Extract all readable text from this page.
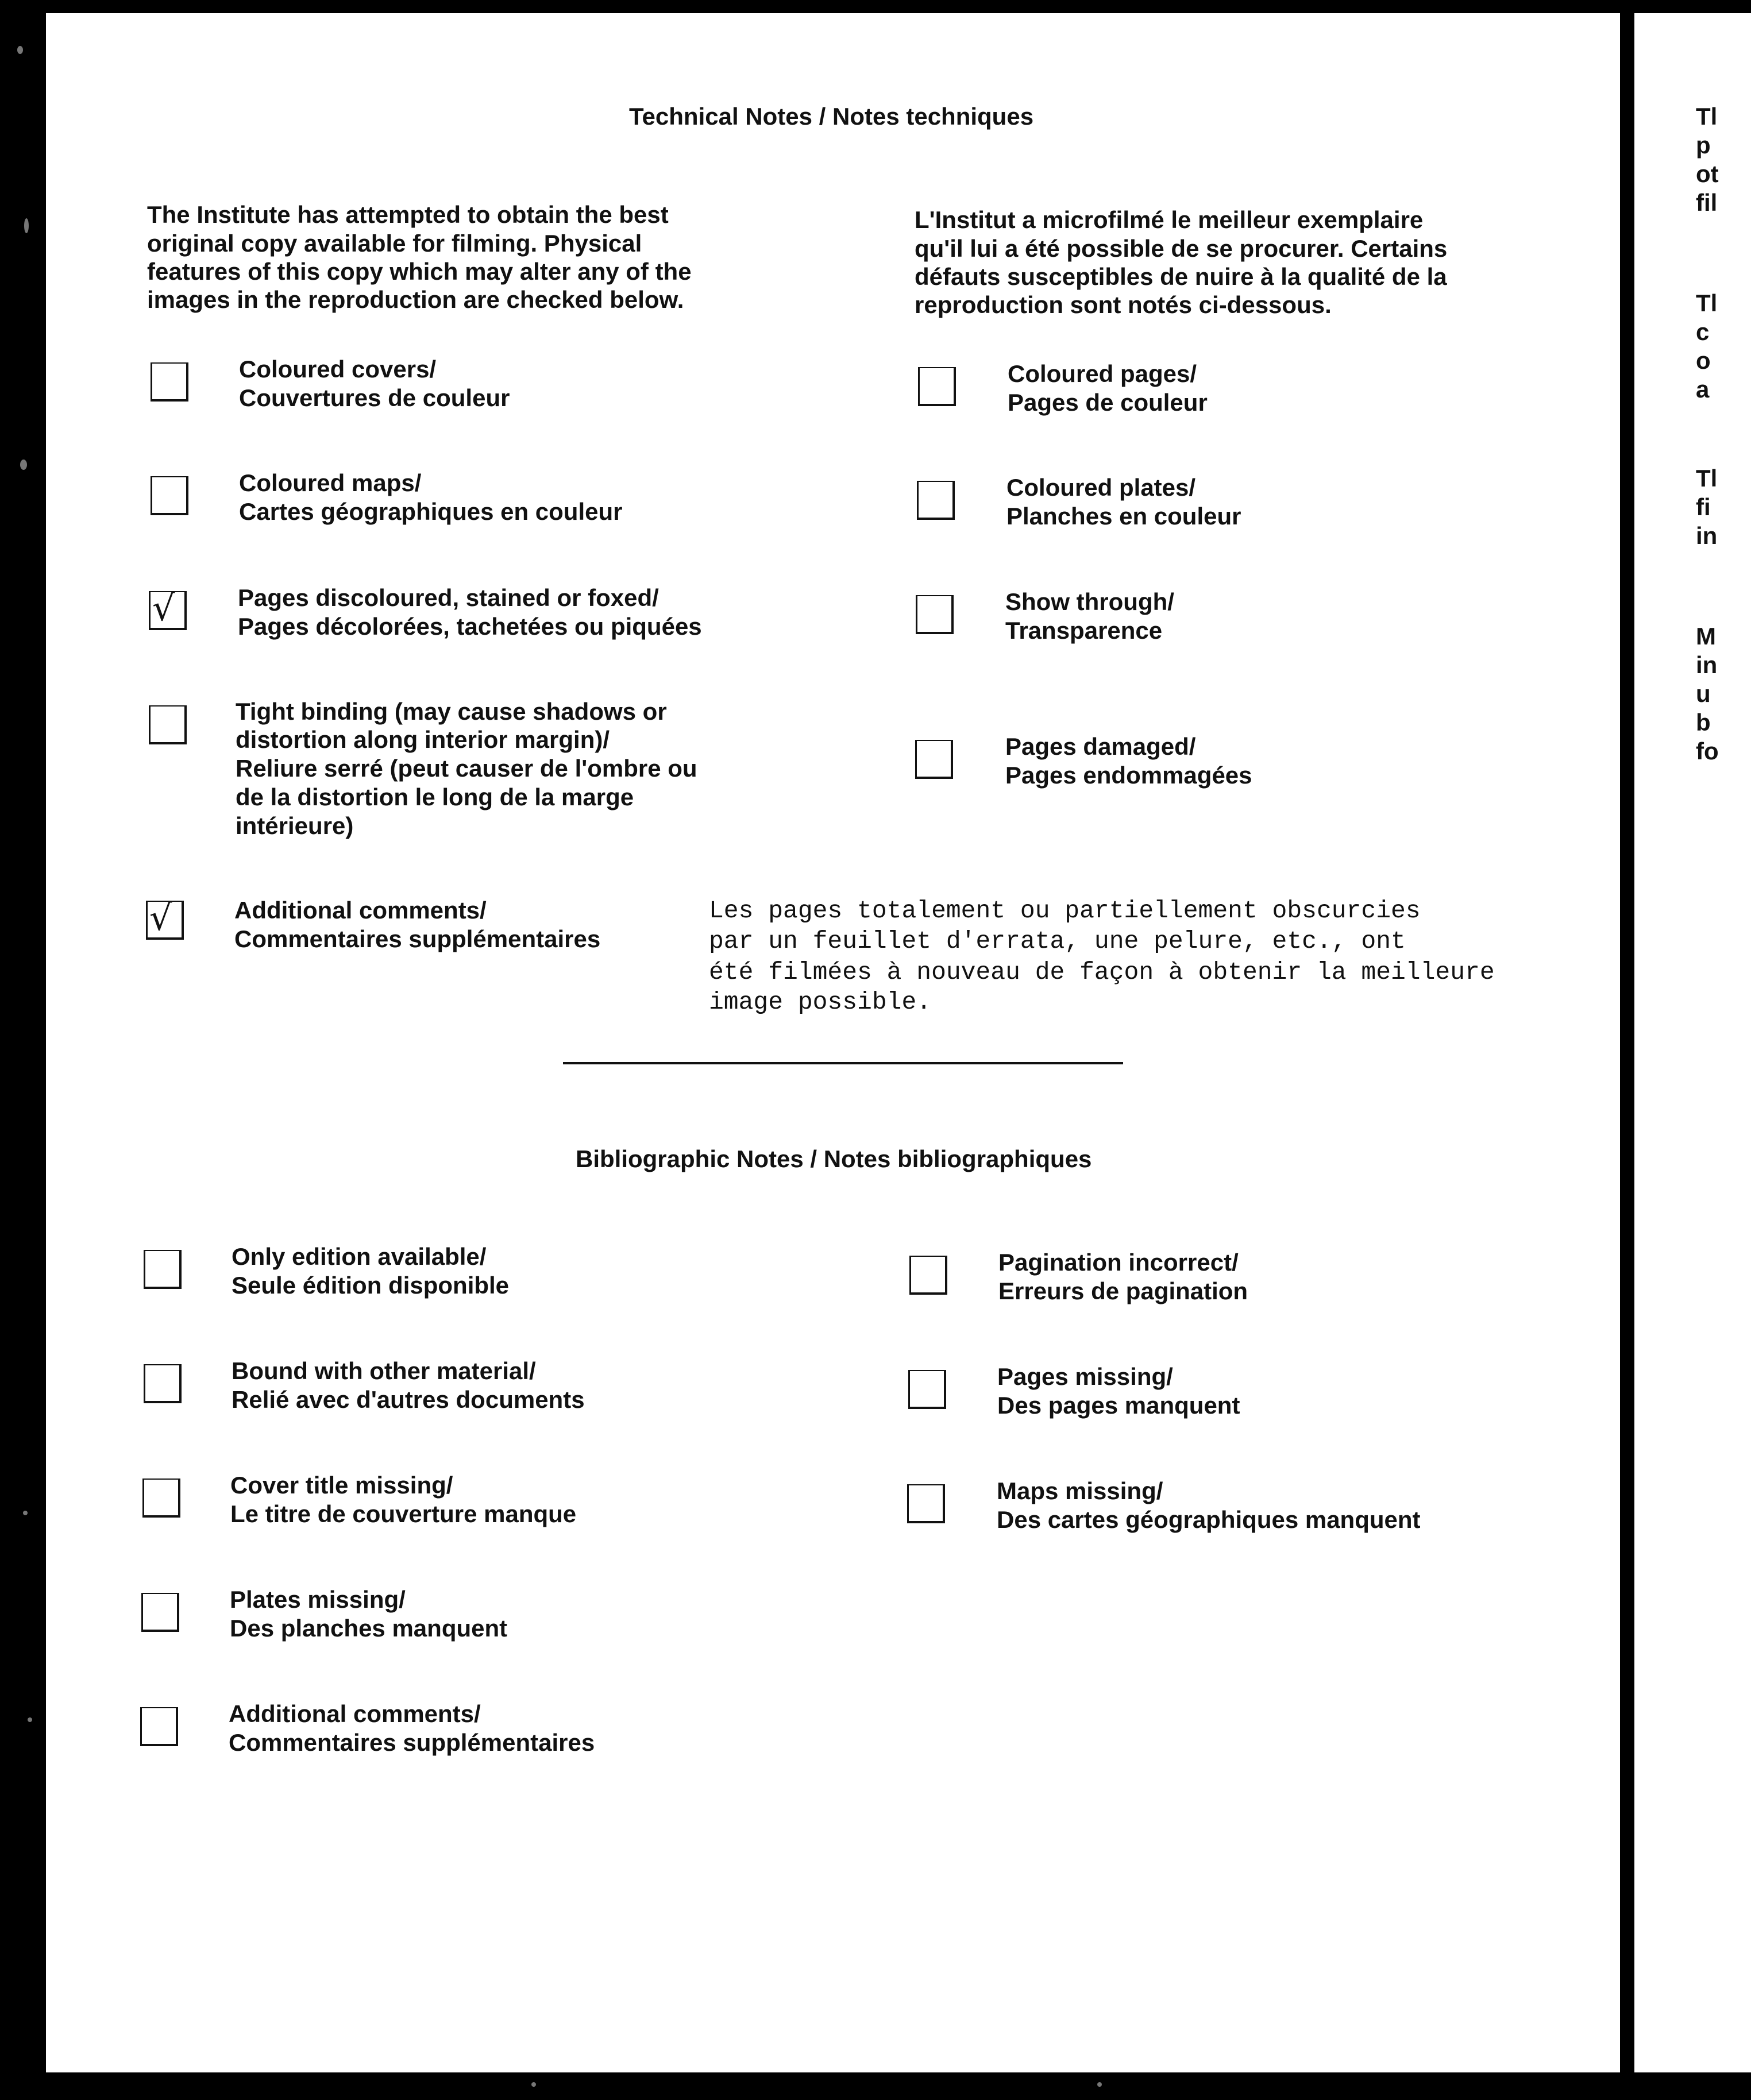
Technical Notes / Notes techniques
The Institute has attempted to obtain the best
original copy available for filming. Physical
features of this copy which may alter any of the
images in the reproduction are checked below.
L'Institut a microfilmé le meilleur exemplaire
qu'il lui a été possible de se procurer. Certains
défauts susceptibles de nuire à la qualité de la
reproduction sont notés ci-dessous.
Coloured covers/
Couvertures de couleur
Coloured maps/
Cartes géographiques en couleur
√	Pages discoloured, stained or foxed/
Pages décolorées, tachetées ou piquées
Tight binding (may cause shadows or
distortion along interior margin)/
Reliure serré (peut causer de l'ombre ou
de la distortion le long de la marge
intérieure)
√	Additional comments/
Commentaires supplémentaires
Les pages totalement ou partiellement obscurcies
par un feuillet d'errata, une pelure, etc., ont
été filmées à nouveau de façon à obtenir la meilleure
image possible.
Coloured pages/
Pages de couleur
Coloured plates/
Planches en couleur
Show through/
Transparence
Pages damaged/
Pages endommagées
Bibliographic Notes / Notes bibliographiques
Only edition available/
Seule édition disponible
Bound with other material/
Relié avec d'autres documents
Cover title missing/
Le titre de couverture manque
Plates missing/
Des planches manquent
Additional comments/
Commentaires supplémentaires
Pagination incorrect/
Erreurs de pagination
Pages missing/
Des pages manquent
Maps missing/
Des cartes géographiques manquent
Tl
p
ot
fil
Tl
c
o
a
Tl
fi
in
M
in
u
b
fo
